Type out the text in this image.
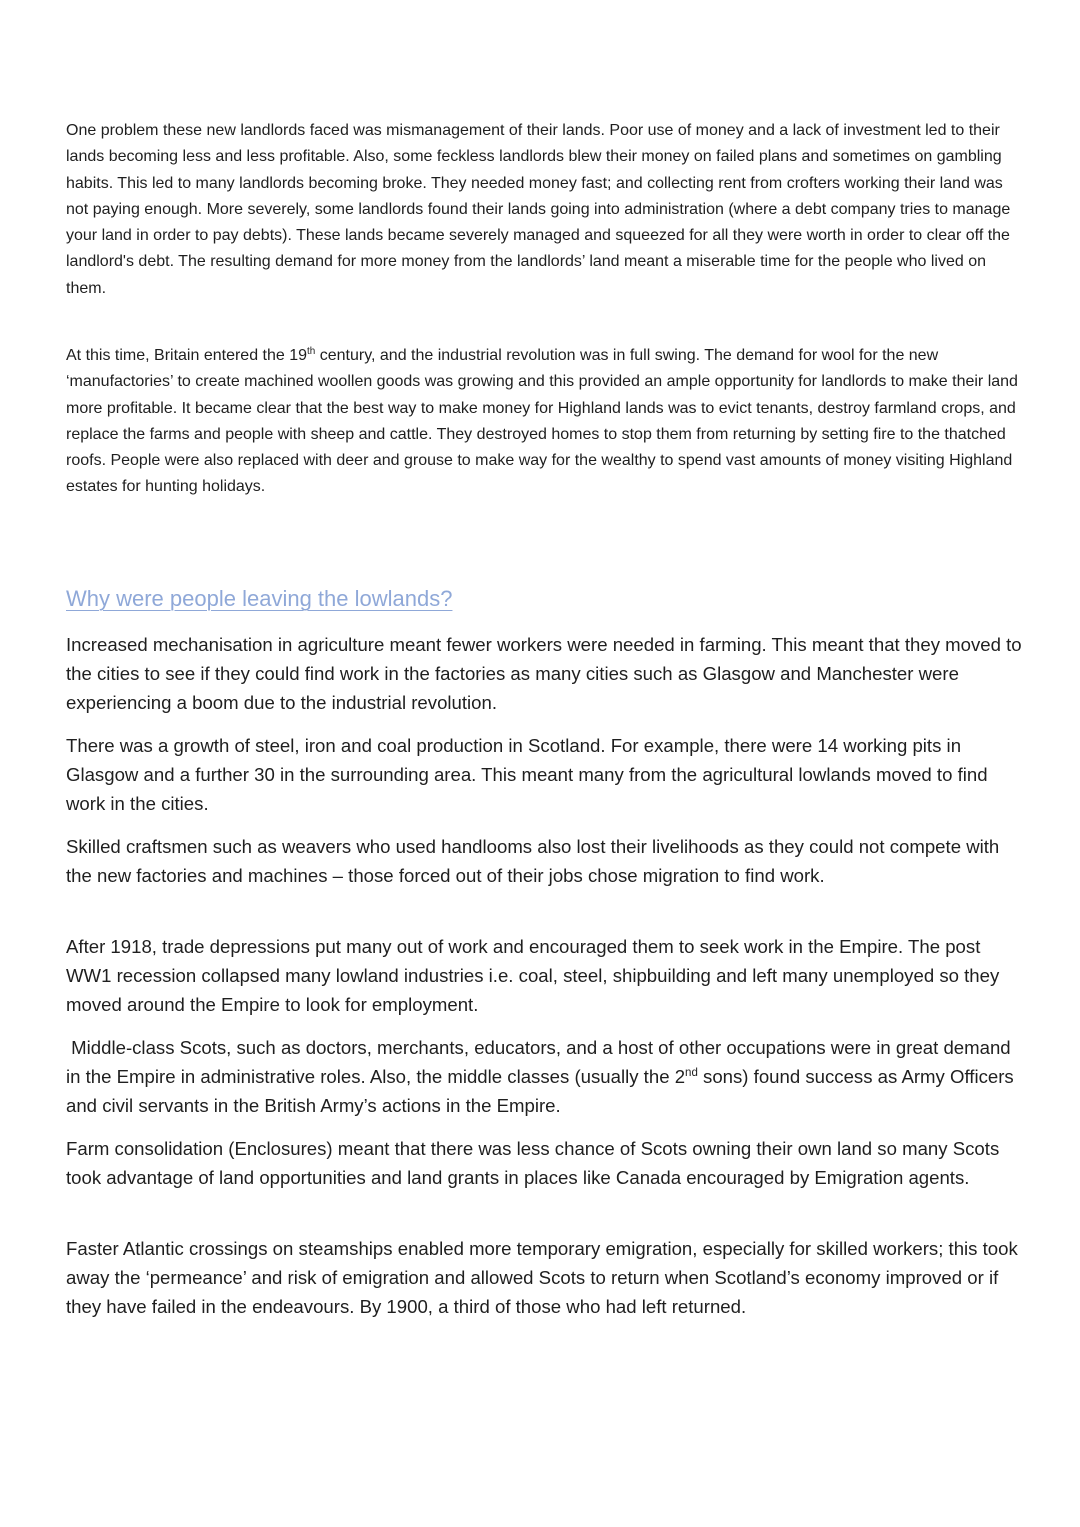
One problem these new landlords faced was mismanagement of their lands. Poor use of money and a lack of investment led to their lands becoming less and less profitable. Also, some feckless landlords blew their money on failed plans and sometimes on gambling habits. This led to many landlords becoming broke. They needed money fast; and collecting rent from crofters working their land was not paying enough. More severely, some landlords found their lands going into administration (where a debt company tries to manage your land in order to pay debts). These lands became severely managed and squeezed for all they were worth in order to clear off the landlord's debt. The resulting demand for more money from the landlords’ land meant a miserable time for the people who lived on them.

At this time, Britain entered the 19th century, and the industrial revolution was in full swing. The demand for wool for the new ‘manufactories’ to create machined woollen goods was growing and this provided an ample opportunity for landlords to make their land more profitable. It became clear that the best way to make money for Highland lands was to evict tenants, destroy farmland crops, and replace the farms and people with sheep and cattle. They destroyed homes to stop them from returning by setting fire to the thatched roofs. People were also replaced with deer and grouse to make way for the wealthy to spend vast amounts of money visiting Highland estates for hunting holidays.

Why were people leaving the lowlands?

Increased mechanisation in agriculture meant fewer workers were needed in farming. This meant that they moved to the cities to see if they could find work in the factories as many cities such as Glasgow and Manchester were experiencing a boom due to the industrial revolution.

There was a growth of steel, iron and coal production in Scotland. For example, there were 14 working pits in Glasgow and a further 30 in the surrounding area. This meant many from the agricultural lowlands moved to find work in the cities.

Skilled craftsmen such as weavers who used handlooms also lost their livelihoods as they could not compete with the new factories and machines – those forced out of their jobs chose migration to find work.

After 1918, trade depressions put many out of work and encouraged them to seek work in the Empire. The post WW1 recession collapsed many lowland industries i.e. coal, steel, shipbuilding and left many unemployed so they moved around the Empire to look for employment.

Middle-class Scots, such as doctors, merchants, educators, and a host of other occupations were in great demand in the Empire in administrative roles. Also, the middle classes (usually the 2nd sons) found success as Army Officers and civil servants in the British Army’s actions in the Empire.

Farm consolidation (Enclosures) meant that there was less chance of Scots owning their own land so many Scots took advantage of land opportunities and land grants in places like Canada encouraged by Emigration agents.

Faster Atlantic crossings on steamships enabled more temporary emigration, especially for skilled workers; this took away the ‘permeance’ and risk of emigration and allowed Scots to return when Scotland’s economy improved or if they have failed in the endeavours. By 1900, a third of those who had left returned.
